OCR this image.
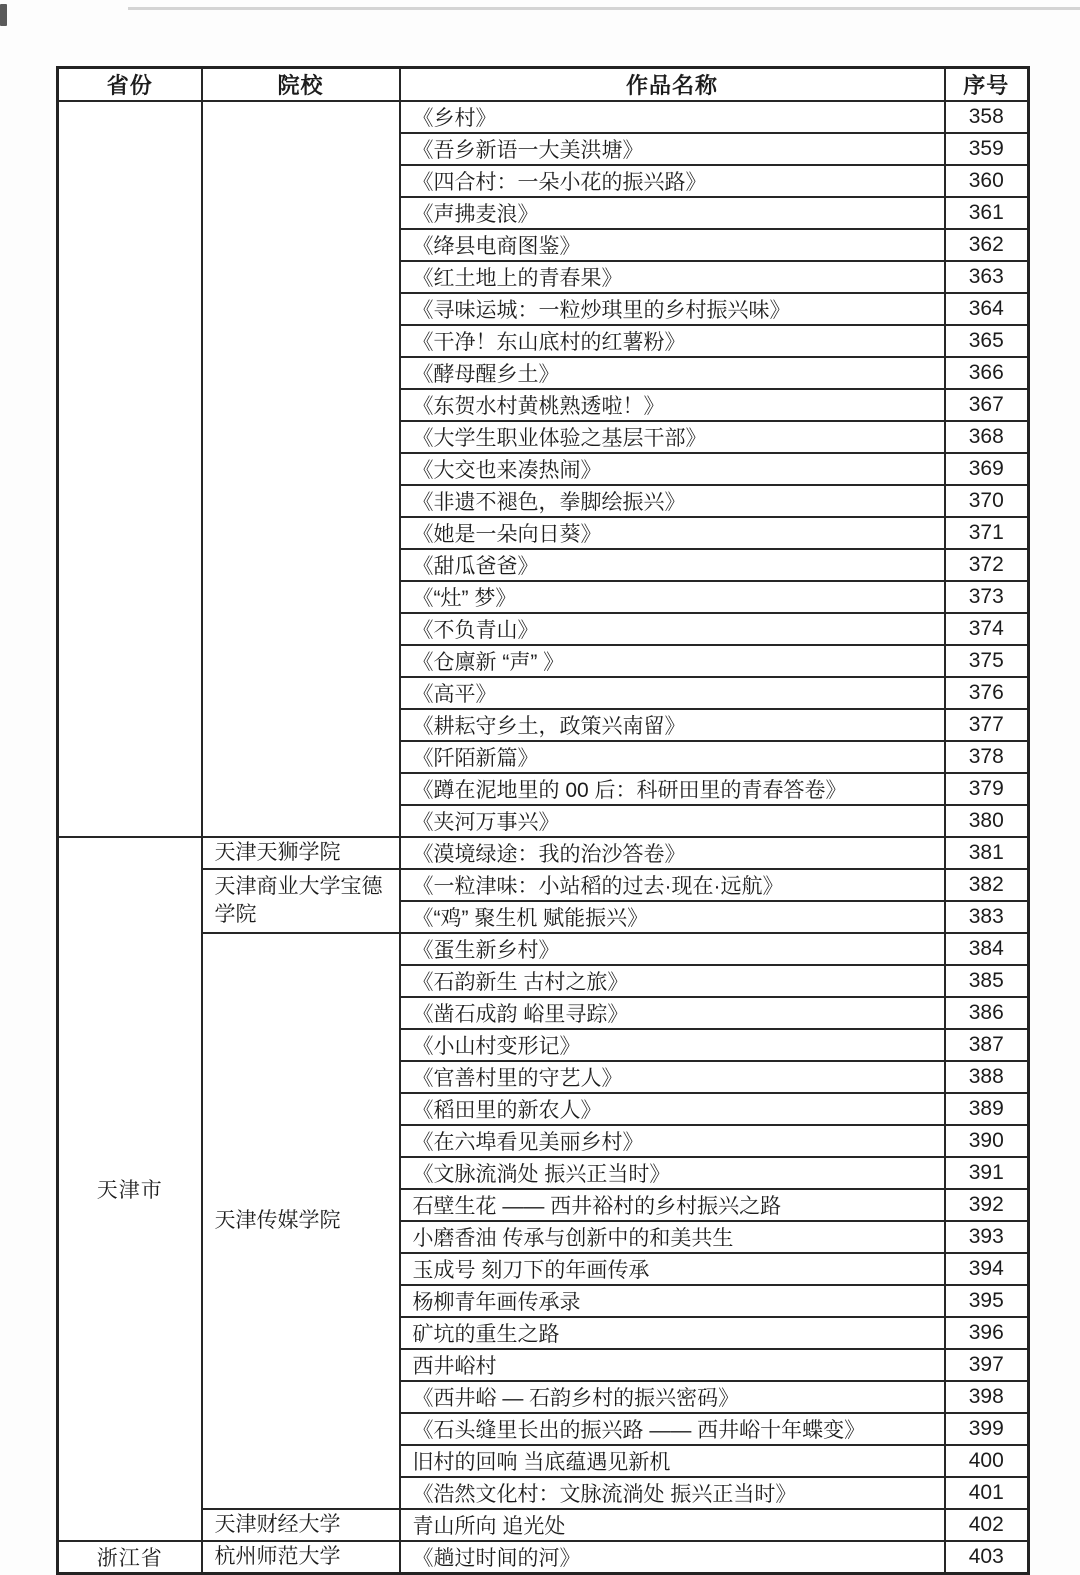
省份	院校	作品名称	序号
		《乡村》	358
		《吾乡新语一大美洪塘》	359
		《四合村：一朵小花的振兴路》	360
		《声拂麦浪》	361
		《绛县电商图鉴》	362
		《红土地上的青春果》	363
		《寻味运城：一粒炒琪里的乡村振兴味》	364
		《干净！东山底村的红薯粉》	365
		《酵母醒乡土》	366
		《东贺水村黄桃熟透啦！》	367
		《大学生职业体验之基层干部》	368
		《大交也来凑热闹》	369
		《非遗不褪色，拳脚绘振兴》	370
		《她是一朵向日葵》	371
		《甜瓜爸爸》	372
		《“灶” 梦》	373
		《不负青山》	374
		《仓廪新 “声” 》	375
		《高平》	376
		《耕耘守乡土，政策兴南留》	377
		《阡陌新篇》	378
		《蹲在泥地里的 00 后：科研田里的青春答卷》	379
		《夹河万事兴》	380
天津市	天津天狮学院	《漠境绿途：我的治沙答卷》	381
	天津商业大学宝德学院	《一粒津味：小站稻的过去·现在·远航》	382
		《“鸡” 聚生机 赋能振兴》	383
	天津传媒学院	《蛋生新乡村》	384
		《石韵新生 古村之旅》	385
		《凿石成韵 峪里寻踪》	386
		《小山村变形记》	387
		《官善村里的守艺人》	388
		《稻田里的新农人》	389
		《在六埠看见美丽乡村》	390
		《文脉流淌处 振兴正当时》	391
		石壁生花 —— 西井裕村的乡村振兴之路	392
		小磨香油 传承与创新中的和美共生	393
		玉成号 刻刀下的年画传承	394
		杨柳青年画传承录	395
		矿坑的重生之路	396
		西井峪村	397
		《西井峪 — 石韵乡村的振兴密码》	398
		《石头缝里长出的振兴路 —— 西井峪十年蝶变》	399
		旧村的回响 当底蕴遇见新机	400
		《浩然文化村：文脉流淌处 振兴正当时》	401
	天津财经大学	青山所向 追光处	402
浙江省	杭州师范大学	《趟过时间的河》	403
